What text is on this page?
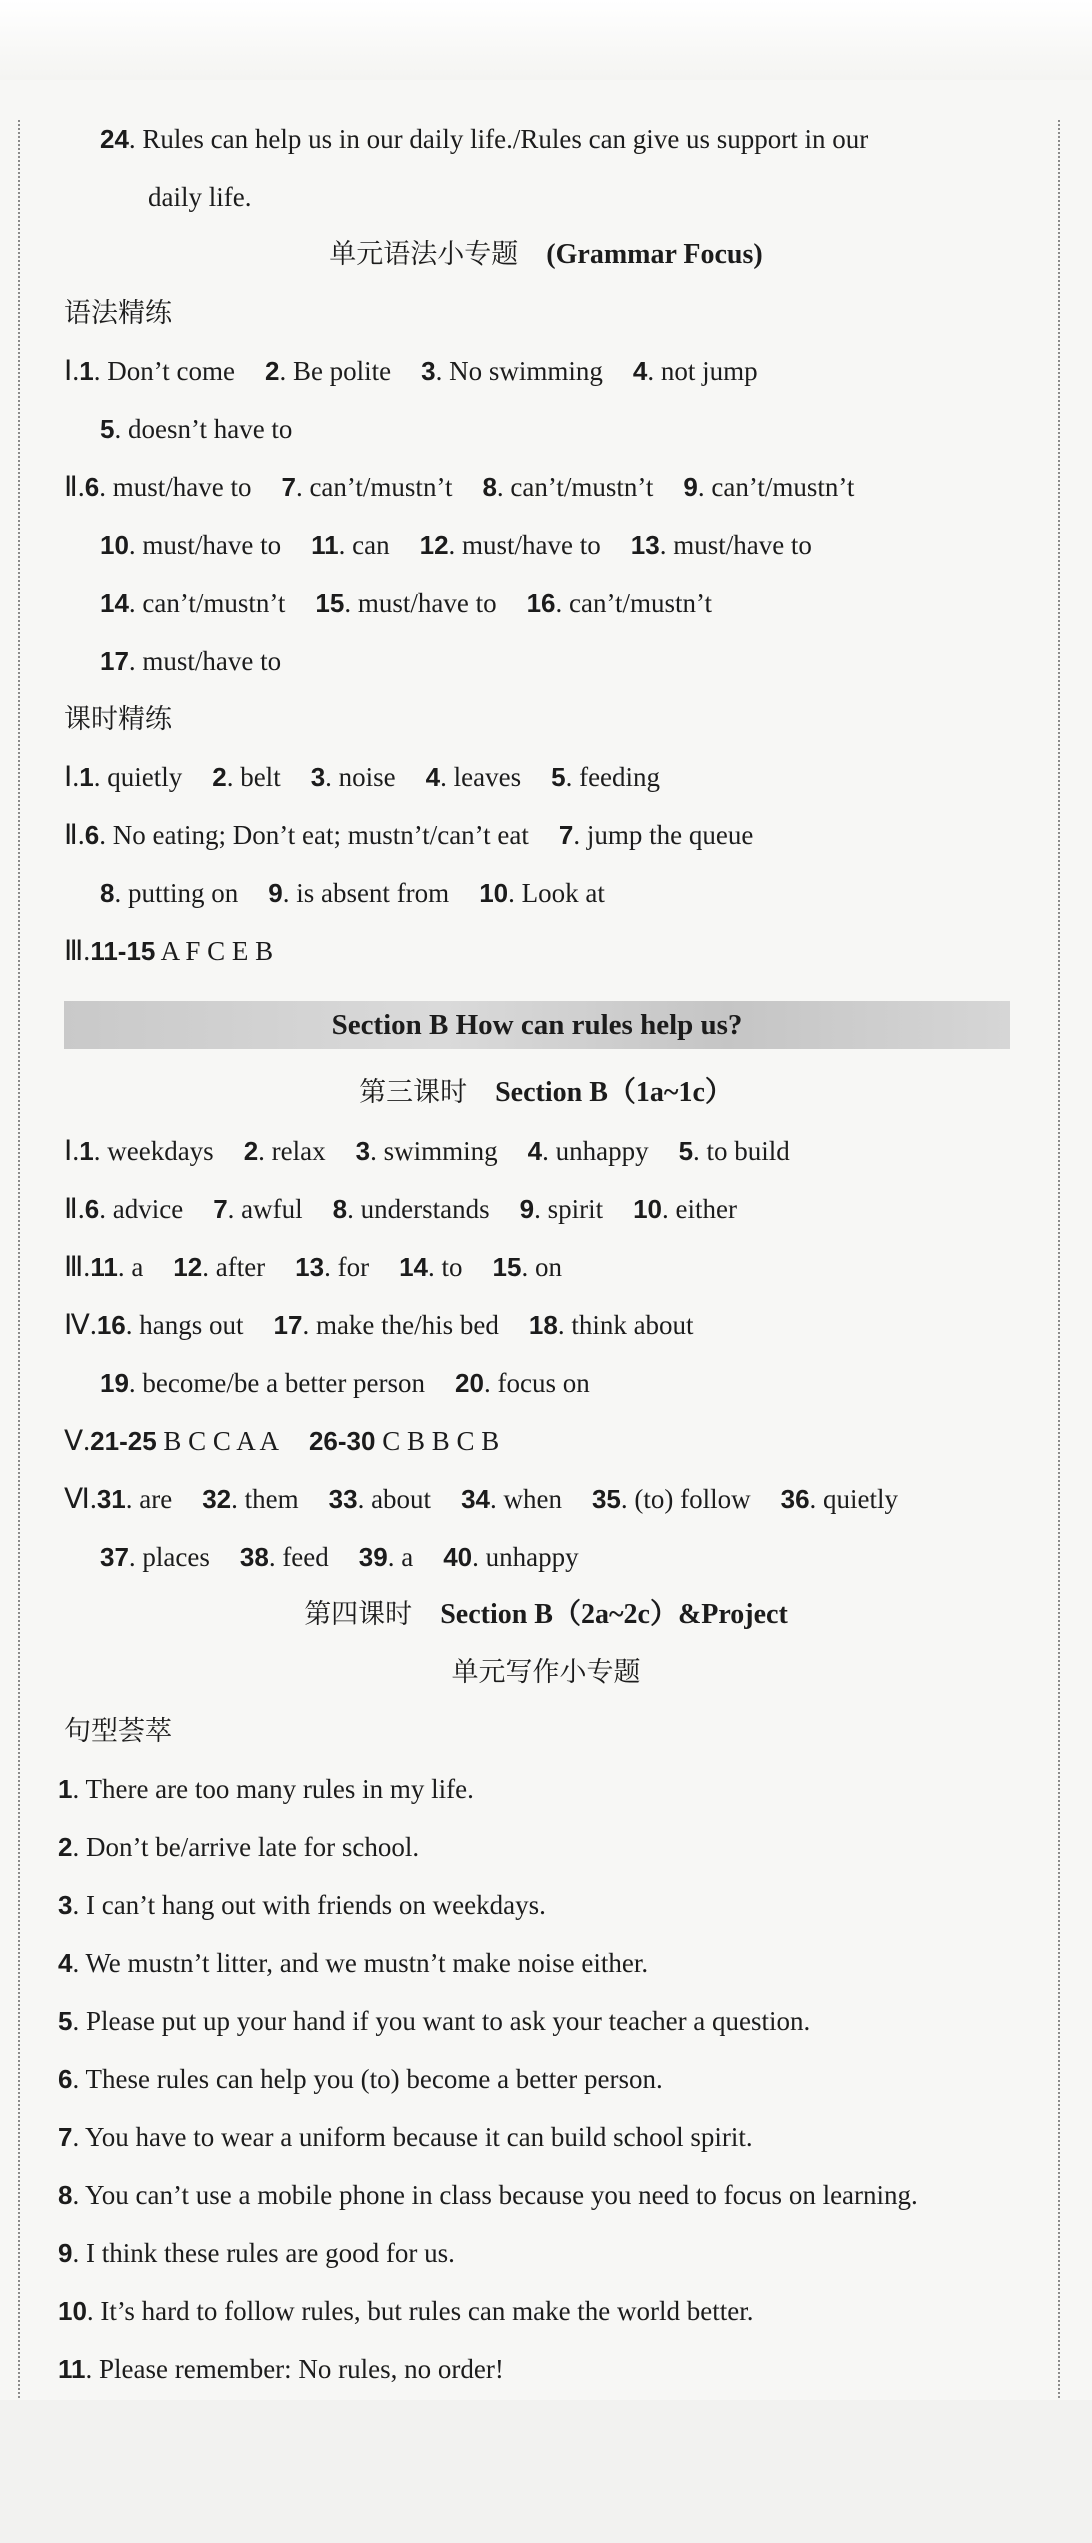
24. Rules can help us in our daily life./Rules can give us support in our
daily life.
单元语法小专题　(Grammar Focus)
语法精练
Ⅰ.1. Don’t come 2. Be polite 3. No swimming 4. not jump
5. doesn’t have to
Ⅱ.6. must/have to 7. can’t/mustn’t 8. can’t/mustn’t 9. can’t/mustn’t
10. must/have to 11. can 12. must/have to 13. must/have to
14. can’t/mustn’t 15. must/have to 16. can’t/mustn’t
17. must/have to
课时精练
Ⅰ.1. quietly 2. belt 3. noise 4. leaves 5. feeding
Ⅱ.6. No eating; Don’t eat; mustn’t/can’t eat 7. jump the queue
8. putting on 9. is absent from 10. Look at
Ⅲ.11-15 A F C E B
第三课时　Section B（1a~1c）
Ⅰ.1. weekdays 2. relax 3. swimming 4. unhappy 5. to build
Ⅱ.6. advice 7. awful 8. understands 9. spirit 10. either
Ⅲ.11. a 12. after 13. for 14. to 15. on
Ⅳ.16. hangs out 17. make the/his bed 18. think about
19. become/be a better person 20. focus on
Ⅴ.21-25 B C C A A 26-30 C B B C B
Ⅵ.31. are 32. them 33. about 34. when 35. (to) follow 36. quietly
37. places 38. feed 39. a 40. unhappy
第四课时　Section B（2a~2c）&Project
单元写作小专题
句型荟萃
1. There are too many rules in my life.
2. Don’t be/arrive late for school.
3. I can’t hang out with friends on weekdays.
4. We mustn’t litter, and we mustn’t make noise either.
5. Please put up your hand if you want to ask your teacher a question.
6. These rules can help you (to) become a better person.
7. You have to wear a uniform because it can build school spirit.
8. You can’t use a mobile phone in class because you need to focus on learning.
9. I think these rules are good for us.
10. It’s hard to follow rules, but rules can make the world better.
11. Please remember: No rules, no order!
Section B How can rules help us?
